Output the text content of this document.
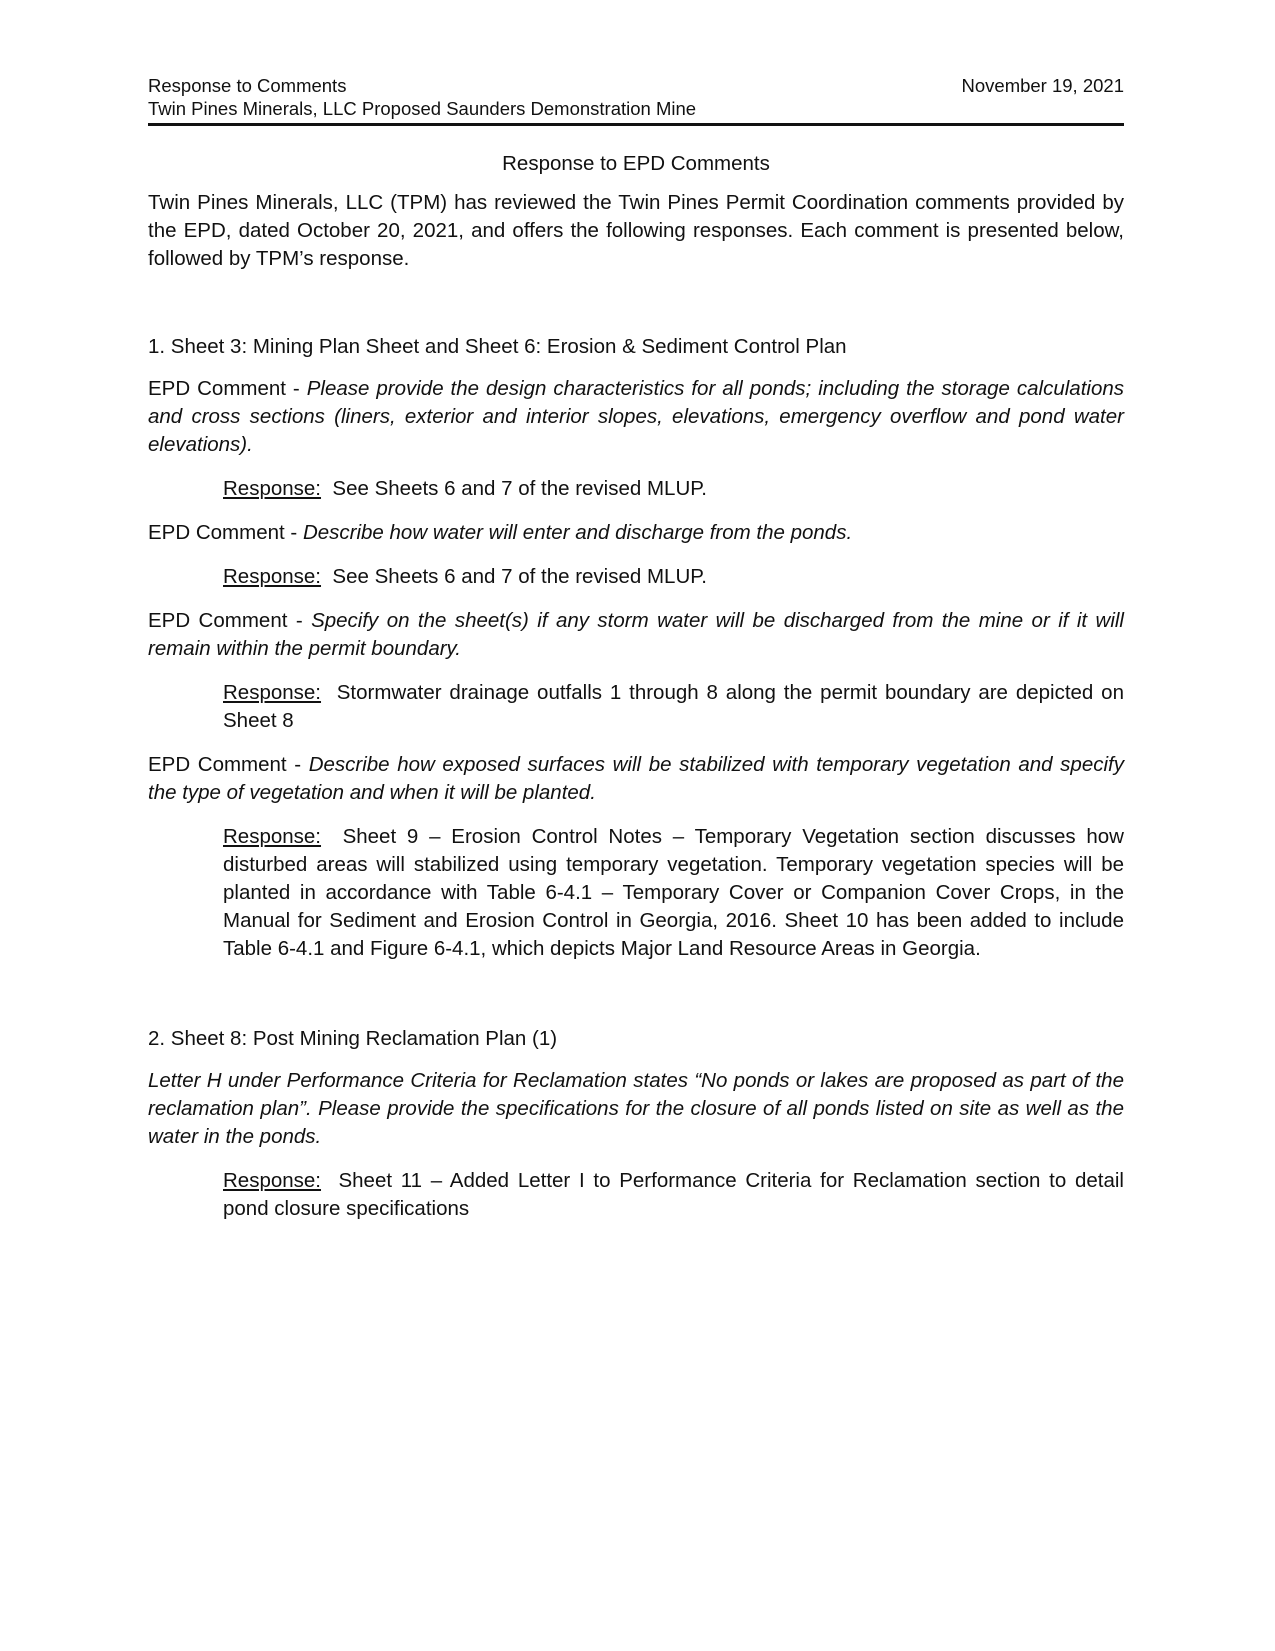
Response to Comments	November 19, 2021
Twin Pines Minerals, LLC Proposed Saunders Demonstration Mine
Response to EPD Comments

Twin Pines Minerals, LLC (TPM) has reviewed the Twin Pines Permit Coordination comments provided by the EPD, dated October 20, 2021, and offers the following responses. Each comment is presented below, followed by TPM’s response.

1. Sheet 3: Mining Plan Sheet and Sheet 6: Erosion & Sediment Control Plan

EPD Comment - Please provide the design characteristics for all ponds; including the storage calculations and cross sections (liners, exterior and interior slopes, elevations, emergency overflow and pond water elevations).

Response: See Sheets 6 and 7 of the revised MLUP.

EPD Comment - Describe how water will enter and discharge from the ponds.

Response: See Sheets 6 and 7 of the revised MLUP.

EPD Comment - Specify on the sheet(s) if any storm water will be discharged from the mine or if it will remain within the permit boundary.

Response: Stormwater drainage outfalls 1 through 8 along the permit boundary are depicted on Sheet 8

EPD Comment - Describe how exposed surfaces will be stabilized with temporary vegetation and specify the type of vegetation and when it will be planted.

Response: Sheet 9 – Erosion Control Notes – Temporary Vegetation section discusses how disturbed areas will stabilized using temporary vegetation. Temporary vegetation species will be planted in accordance with Table 6-4.1 – Temporary Cover or Companion Cover Crops, in the Manual for Sediment and Erosion Control in Georgia, 2016. Sheet 10 has been added to include Table 6-4.1 and Figure 6-4.1, which depicts Major Land Resource Areas in Georgia.

2. Sheet 8: Post Mining Reclamation Plan (1)

Letter H under Performance Criteria for Reclamation states “No ponds or lakes are proposed as part of the reclamation plan”. Please provide the specifications for the closure of all ponds listed on site as well as the water in the ponds.

Response: Sheet 11 – Added Letter I to Performance Criteria for Reclamation section to detail pond closure specifications
